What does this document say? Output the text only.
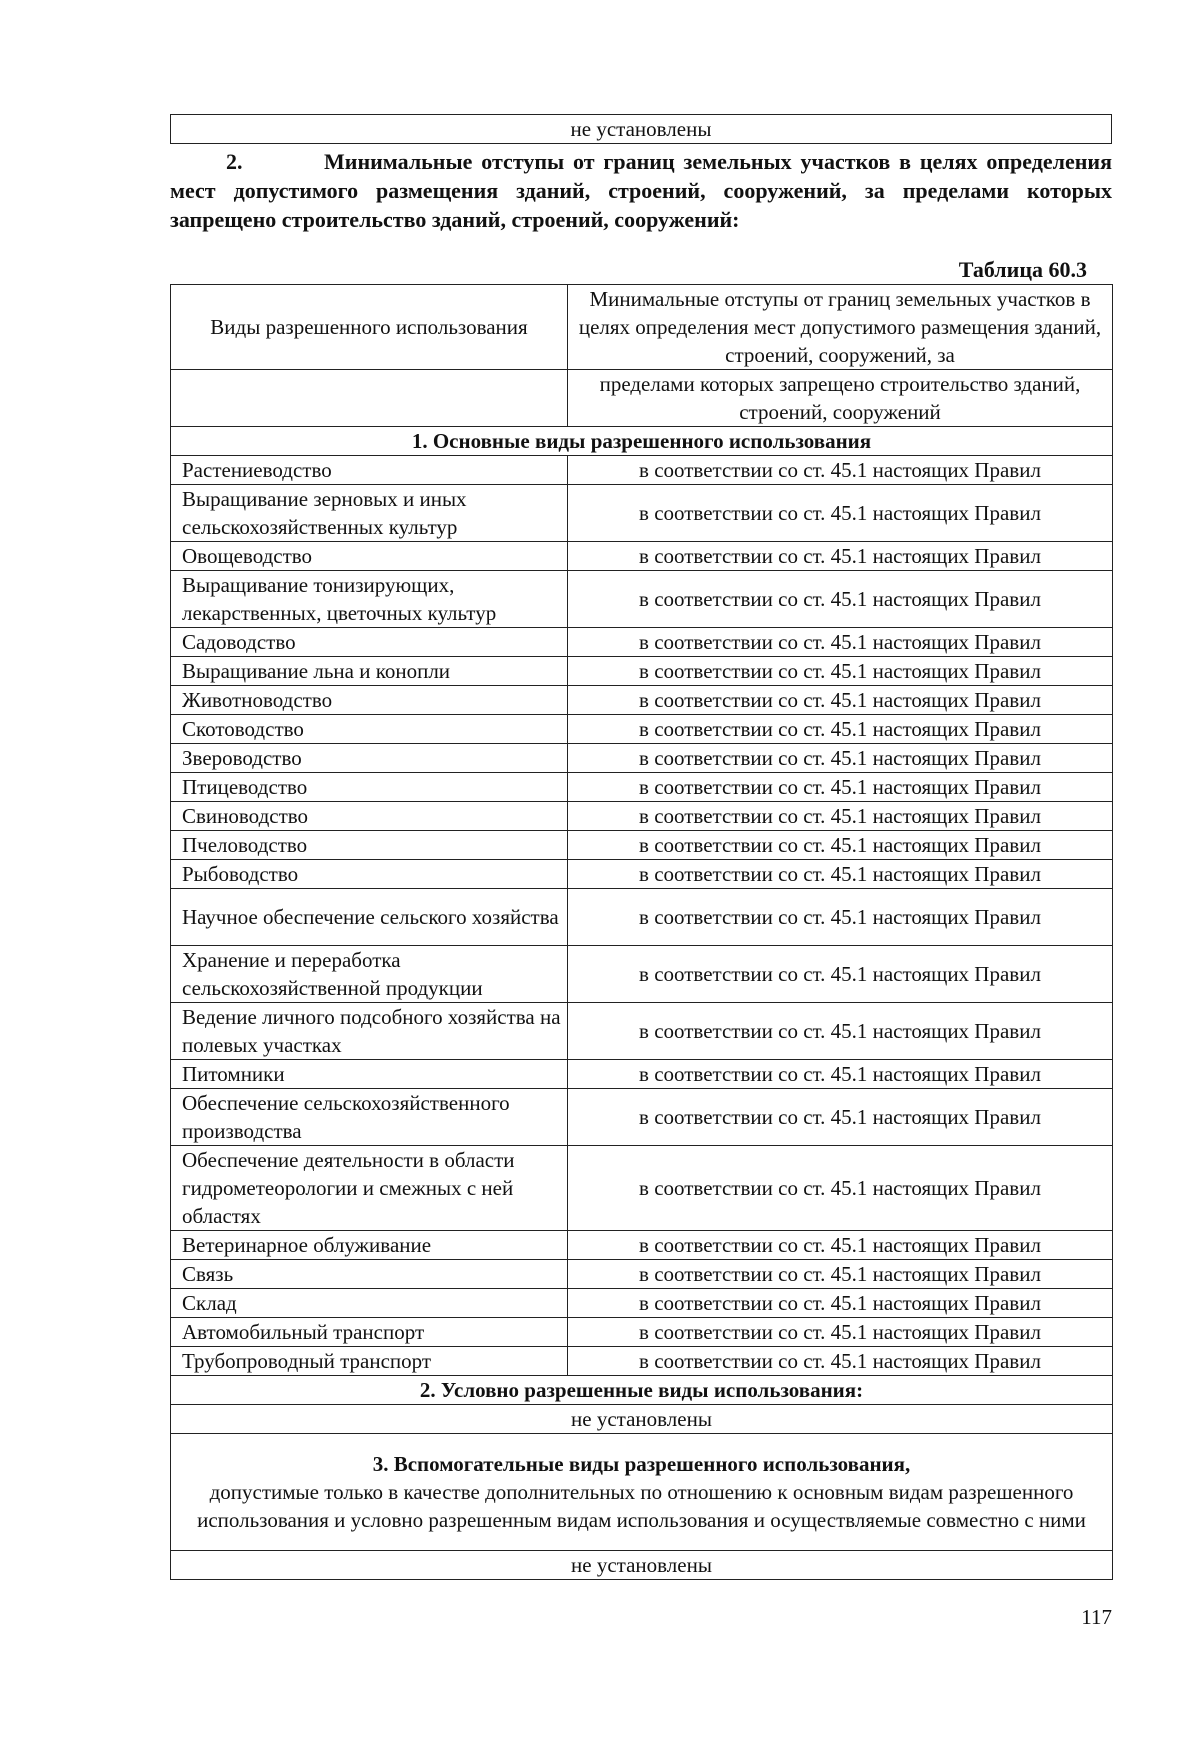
не установлены
2.	Минимальные отступы от границ земельных участков в целях определения мест допустимого размещения зданий, строений, сооружений, за пределами которых запрещено строительство зданий, строений, сооружений:
Таблица 60.3
Виды разрешенного использования	Минимальные отступы от границ земельных участков в целях определения мест допустимого размещения зданий, строений, сооружений, за
	пределами которых запрещено строительство зданий, строений, сооружений
1. Основные виды разрешенного использования	
Растениеводство	в соответствии со ст. 45.1 настоящих Правил
Выращивание зерновых и иных сельскохозяйственных культур	в соответствии со ст. 45.1 настоящих Правил
Овощеводство	в соответствии со ст. 45.1 настоящих Правил
Выращивание тонизирующих, лекарственных, цветочных культур	в соответствии со ст. 45.1 настоящих Правил
Садоводство	в соответствии со ст. 45.1 настоящих Правил
Выращивание льна и конопли	в соответствии со ст. 45.1 настоящих Правил
Животноводство	в соответствии со ст. 45.1 настоящих Правил
Скотоводство	в соответствии со ст. 45.1 настоящих Правил
Звероводство	в соответствии со ст. 45.1 настоящих Правил
Птицеводство	в соответствии со ст. 45.1 настоящих Правил
Свиноводство	в соответствии со ст. 45.1 настоящих Правил
Пчеловодство	в соответствии со ст. 45.1 настоящих Правил
Рыбоводство	в соответствии со ст. 45.1 настоящих Правил
Научное обеспечение сельского хозяйства	в соответствии со ст. 45.1 настоящих Правил
Хранение и переработка сельскохозяйственной продукции	в соответствии со ст. 45.1 настоящих Правил
Ведение личного подсобного хозяйства на полевых участках	в соответствии со ст. 45.1 настоящих Правил
Питомники	в соответствии со ст. 45.1 настоящих Правил
Обеспечение сельскохозяйственного производства	в соответствии со ст. 45.1 настоящих Правил
Обеспечение деятельности в области гидрометеорологии и смежных с ней областях	в соответствии со ст. 45.1 настоящих Правил
Ветеринарное облуживание	в соответствии со ст. 45.1 настоящих Правил
Связь	в соответствии со ст. 45.1 настоящих Правил
Склад	в соответствии со ст. 45.1 настоящих Правил
Автомобильный транспорт	в соответствии со ст. 45.1 настоящих Правил
Трубопроводный транспорт	в соответствии со ст. 45.1 настоящих Правил
2. Условно разрешенные виды использования:	
не установлены	

3. Вспомогательные виды разрешенного использования,
допустимые только в качестве дополнительных по отношению к основным видам разрешенного использования и условно разрешенным видам использования и осуществляемые совместно с ними	

не установлены	
117
